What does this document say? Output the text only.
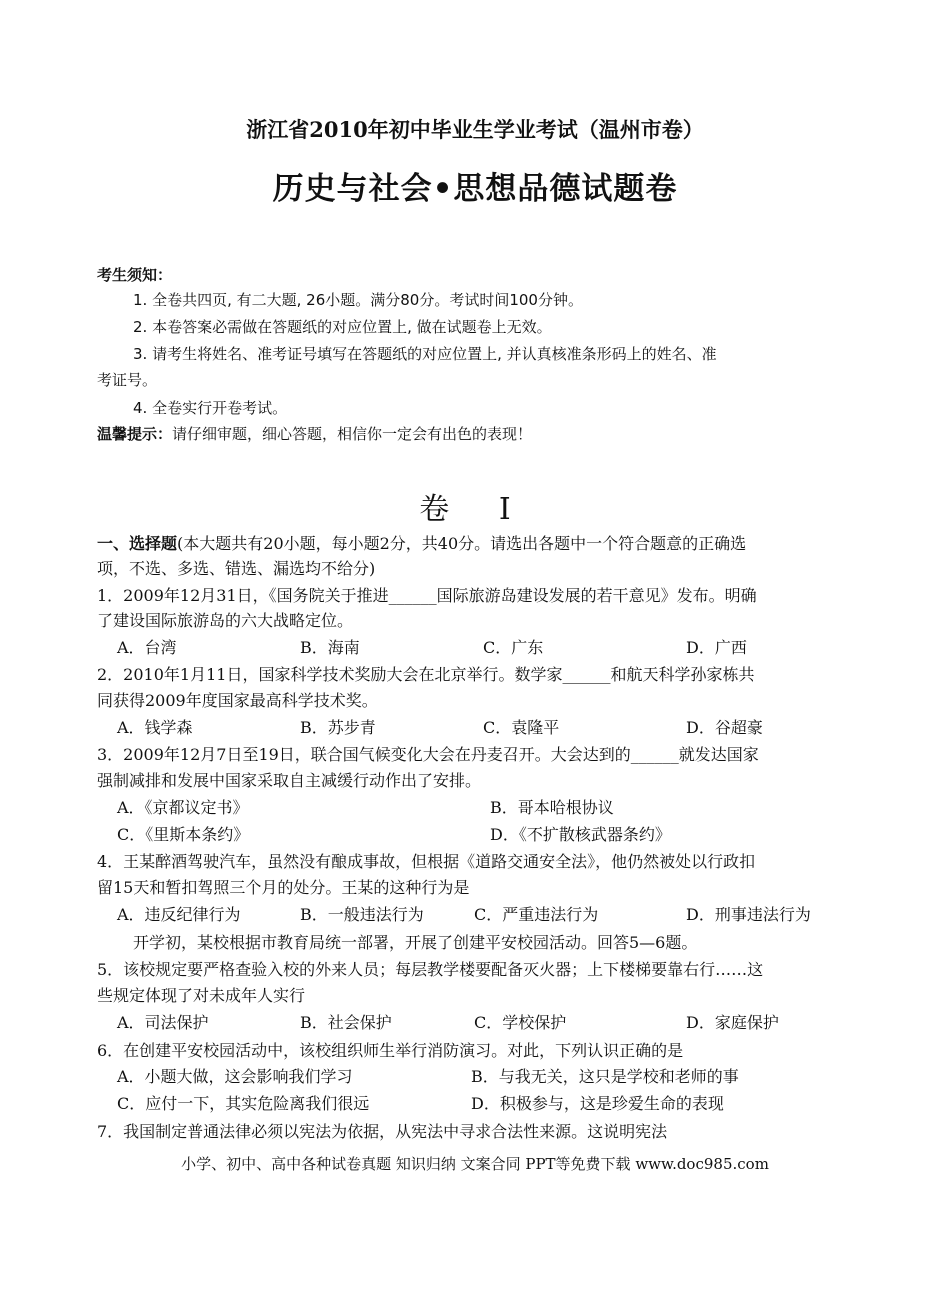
浙江省2010年初中毕业生学业考试（温州市卷）
历史与社会•思想品德试题卷
考生须知：
1. 全卷共四页, 有二大题, 26小题。满分80分。考试时间100分钟。
2. 本卷答案必需做在答题纸的对应位置上, 做在试题卷上无效。
3. 请考生将姓名、准考证号填写在答题纸的对应位置上, 并认真核准条形码上的姓名、准
考证号。
4. 全卷实行开卷考试。
温馨提示：请仔细审题，细心答题，相信你一定会有出色的表现！
卷 I
一、选择题(本大题共有20小题，每小题2分，共40分。请选出各题中一个符合题意的正确选
项，不选、多选、错选、漏选均不给分)
1．2009年12月31日，《国务院关于推进______国际旅游岛建设发展的若干意见》发布。明确
了建设国际旅游岛的六大战略定位。
A．台湾	B．海南	C．广东	D．广西
2．2010年1月11日，国家科学技术奖励大会在北京举行。数学家______和航天科学孙家栋共
同获得2009年度国家最高科学技术奖。
A．钱学森	B．苏步青	C．袁隆平	D．谷超豪
3．2009年12月7日至19日，联合国气候变化大会在丹麦召开。大会达到的______就发达国家
强制减排和发展中国家采取自主减缓行动作出了安排。
A．《京都议定书》	B．哥本哈根协议
C．《里斯本条约》	D．《不扩散核武器条约》
4．王某醉酒驾驶汽车，虽然没有酿成事故，但根据《道路交通安全法》，他仍然被处以行政扣
留15天和暂扣驾照三个月的处分。王某的这种行为是
A．违反纪律行为	B．一般违法行为	C．严重违法行为	D．刑事违法行为
开学初，某校根据市教育局统一部署，开展了创建平安校园活动。回答5—6题。
5．该校规定要严格查验入校的外来人员；每层教学楼要配备灭火器；上下楼梯要靠右行……这
些规定体现了对未成年人实行
A．司法保护	B．社会保护	C．学校保护	D．家庭保护
6．在创建平安校园活动中，该校组织师生举行消防演习。对此，下列认识正确的是
A．小题大做，这会影响我们学习	B．与我无关，这只是学校和老师的事
C．应付一下，其实危险离我们很远	D．积极参与，这是珍爱生命的表现
7．我国制定普通法律必须以宪法为依据，从宪法中寻求合法性来源。这说明宪法
小学、初中、高中各种试卷真题 知识归纳 文案合同 PPT等免费下载 www.doc985.com
